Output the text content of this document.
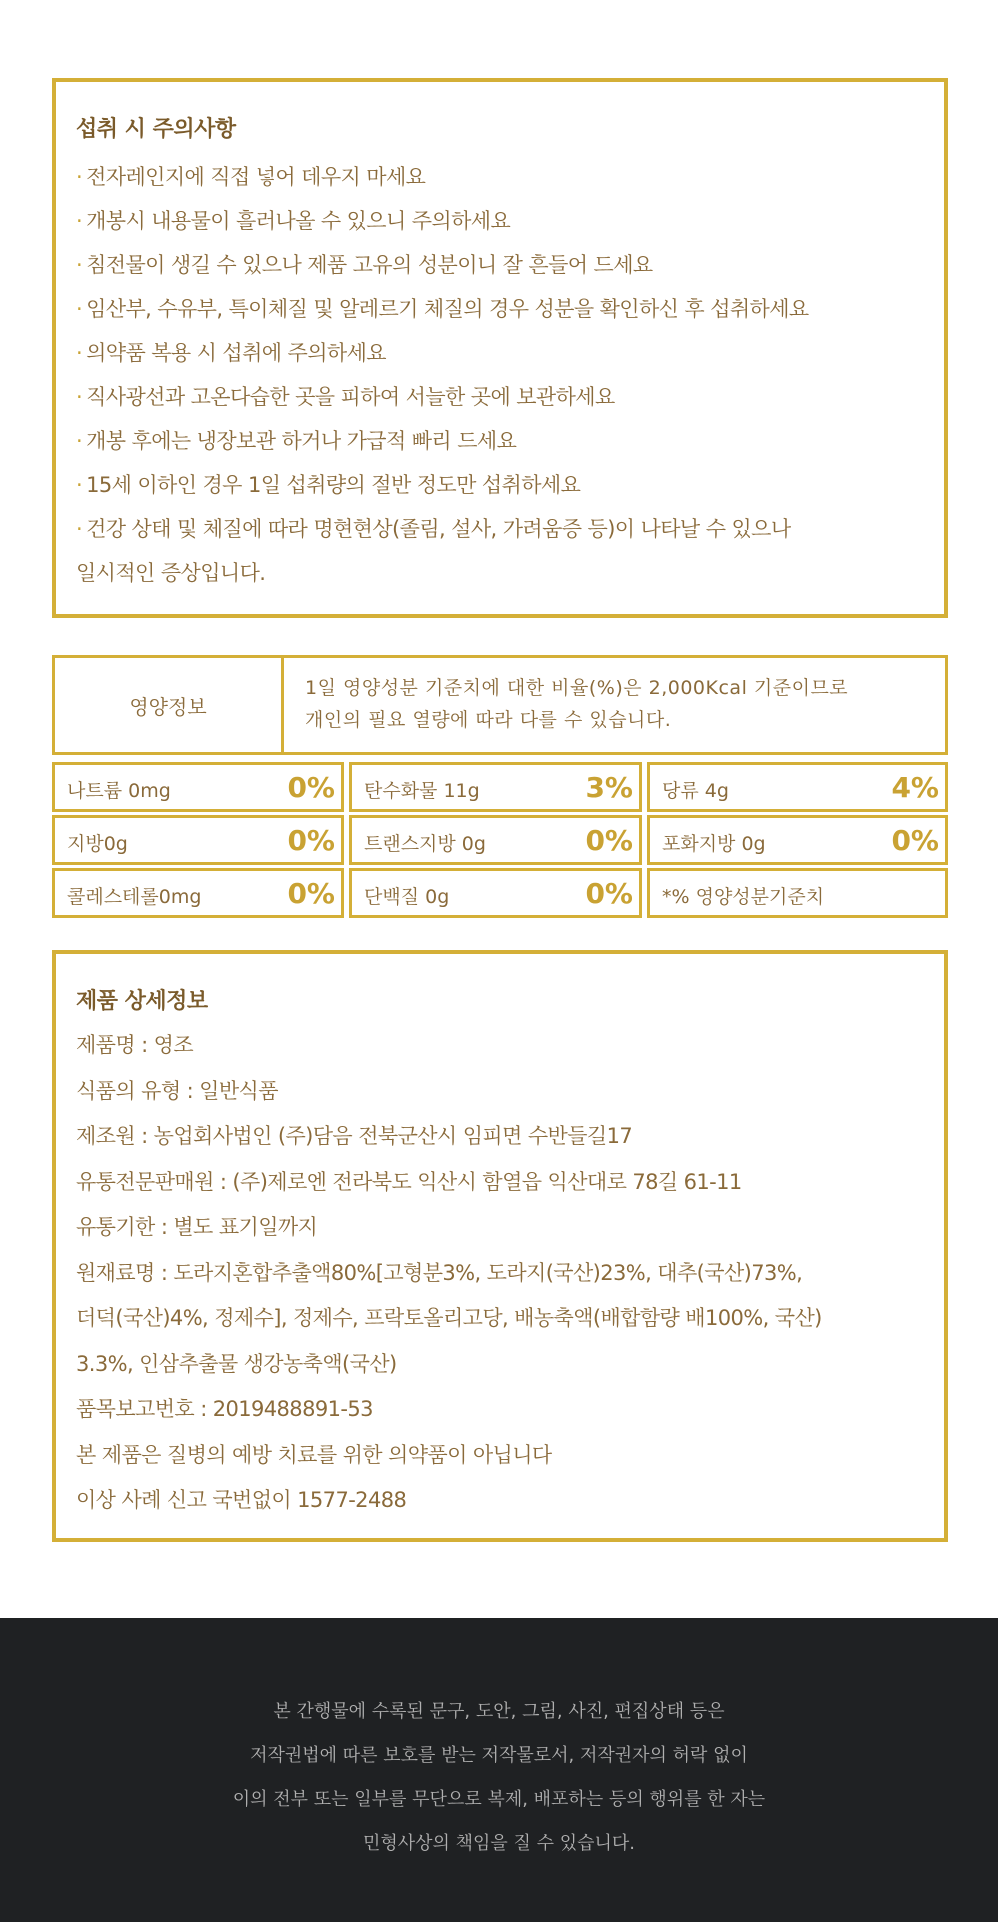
섭취 시 주의사항
· 전자레인지에 직접 넣어 데우지 마세요
· 개봉시 내용물이 흘러나올 수 있으니 주의하세요
· 침전물이 생길 수 있으나 제품 고유의 성분이니 잘 흔들어 드세요
· 임산부, 수유부, 특이체질 및 알레르기 체질의 경우 성분을 확인하신 후 섭취하세요
· 의약품 복용 시 섭취에 주의하세요
· 직사광선과 고온다습한 곳을 피하여 서늘한 곳에 보관하세요
· 개봉 후에는 냉장보관 하거나 가급적 빠리 드세요
· 15세 이하인 경우 1일 섭취량의 절반 정도만 섭취하세요
· 건강 상태 및 체질에 따라 명현현상(졸림, 설사, 가려움증 등)이 나타날 수 있으나
일시적인 증상입니다.
영양정보
1일 영양성분 기준치에 대한 비율(%)은 2,000Kcal 기준이므로
개인의 필요 열량에 따라 다를 수 있습니다.
나트륨 0mg	0% 탄수화물 11g	3% 당류 4g	4%
지방0g	0% 트랜스지방 0g	0% 포화지방 0g	0%
콜레스테롤0mg	0% 단백질 0g	0% *% 영양성분기준치
제품 상세정보

제품명 : 영조

식품의 유형 : 일반식품

제조원 : 농업회사법인 (주)담음 전북군산시 임피면 수반들길17

유통전문판매원 : (주)제로엔 전라북도 익산시 함열읍 익산대로 78길 61-11

유통기한 : 별도 표기일까지

원재료명 : 도라지혼합추출액80%[고형분3%, 도라지(국산)23%, 대추(국산)73%,

더덕(국산)4%, 정제수], 정제수, 프락토올리고당, 배농축액(배합함량 배100%, 국산)

3.3%, 인삼추출물 생강농축액(국산)

품목보고번호 : 2019488891-53

본 제품은 질병의 예방 치료를 위한 의약품이 아닙니다

이상 사례 신고 국번없이 1577-2488

본 간행물에 수록된 문구, 도안, 그림, 사진, 편집상태 등은

저작권법에 따른 보호를 받는 저작물로서, 저작권자의 허락 없이

이의 전부 또는 일부를 무단으로 복제, 배포하는 등의 행위를 한 자는

민형사상의 책임을 질 수 있습니다.
